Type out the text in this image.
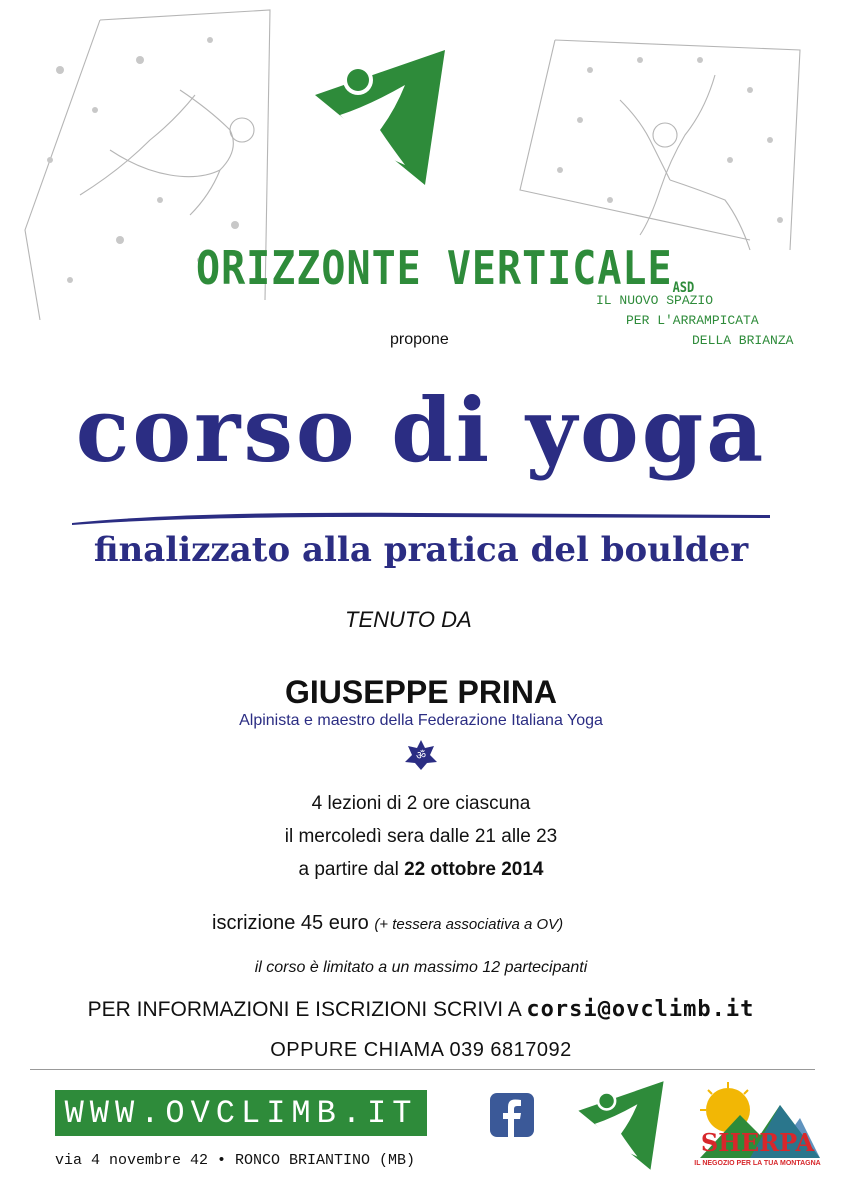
ORIZZONTE VERTICALEASD
IL NUOVO SPAZIO
PER L'ARRAMPICATA
DELLA BRIANZA
propone
corso di yoga
finalizzato alla pratica del boulder
TENUTO DA
GIUSEPPE PRINA
Alpinista e maestro della Federazione Italiana Yoga
ॐ
4 lezioni di 2 ore ciascuna
il mercoledì sera dalle 21 alle 23
a partire dal 22 ottobre 2014
iscrizione 45 euro (+ tessera associativa a OV)
il corso è limitato a un massimo 12 partecipanti
PER INFORMAZIONI E ISCRIZIONI SCRIVI A corsi@ovclimb.it
OPPURE CHIAMA 039 6817092
WWW.OVCLIMB.IT
via 4 novembre 42 • RONCO BRIANTINO (MB)
SHERPA
IL NEGOZIO PER LA TUA MONTAGNA
